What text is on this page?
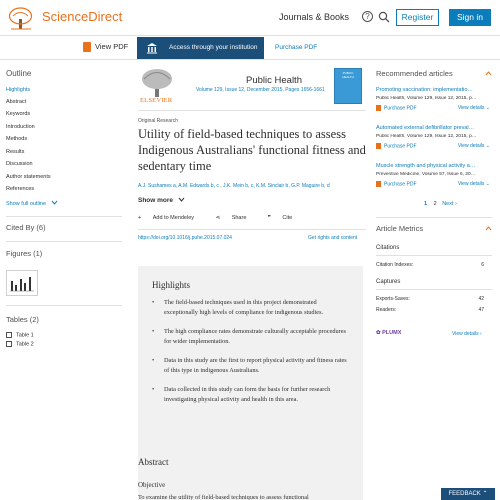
ScienceDirect	Journals & Books	?	Register	Sign in
View PDF	Access through your institution	Purchase PDF
Outline
Highlights
Abstract
Keywords
Introduction
Methods
Results
Discussion
Author statements
References
Show full outline
Cited By (6)
Figures (1)
Tables (2)
Table 1
Table 2
ELSEVIER
Public Health
Volume 129, Issue 12, December 2015, Pages 1656-1661
PUBLIC HEALTH
Original Research
Utility of field-based techniques to assess Indigenous Australians' functional fitness and sedentary time
A.J. Sushames a, A.M. Edwards b, c , J.K. Mein b, c, K.M. Sinclair b, G.P. Maguire b, d
Show more
+ Add to Mendeley	⋖ Share	❞ Cite
https://doi.org/10.1016/j.puhe.2015.07.024	Get rights and content
Highlights
• The field-based techniques used in this project demonstrated exceptionally high levels of compliance for indigenous studies.
• The high compliance rates demonstrate culturally acceptable procedures for wider implementation.
• Data in this study are the first to report physical activity and fitness rates of this type in indigenous Australians.
• Data collected in this study can form the basis for further research investigating physical activity and health in this area.
Abstract
Objective
To examine the utility of field-based techniques to assess functional
Recommended articles
Promoting vaccination: implementatio…
Public Health, Volume 129, Issue 12, 2015, p…
Purchase PDF	View details ⌄
Automated external defibrillator preval…
Public Health, Volume 129, Issue 12, 2015, p…
Purchase PDF	View details ⌄
Muscle strength and physical activity a…
Preventive Medicine, Volume 57, Issue 6, 20…
Purchase PDF	View details ⌄
1 2 Next ›
Article Metrics
Citations
Citation Indexes:	6
Captures
Exports-Saves:	42
Readers:	47
✿ PLUMX	View details ›
FEEDBACK ⌃
